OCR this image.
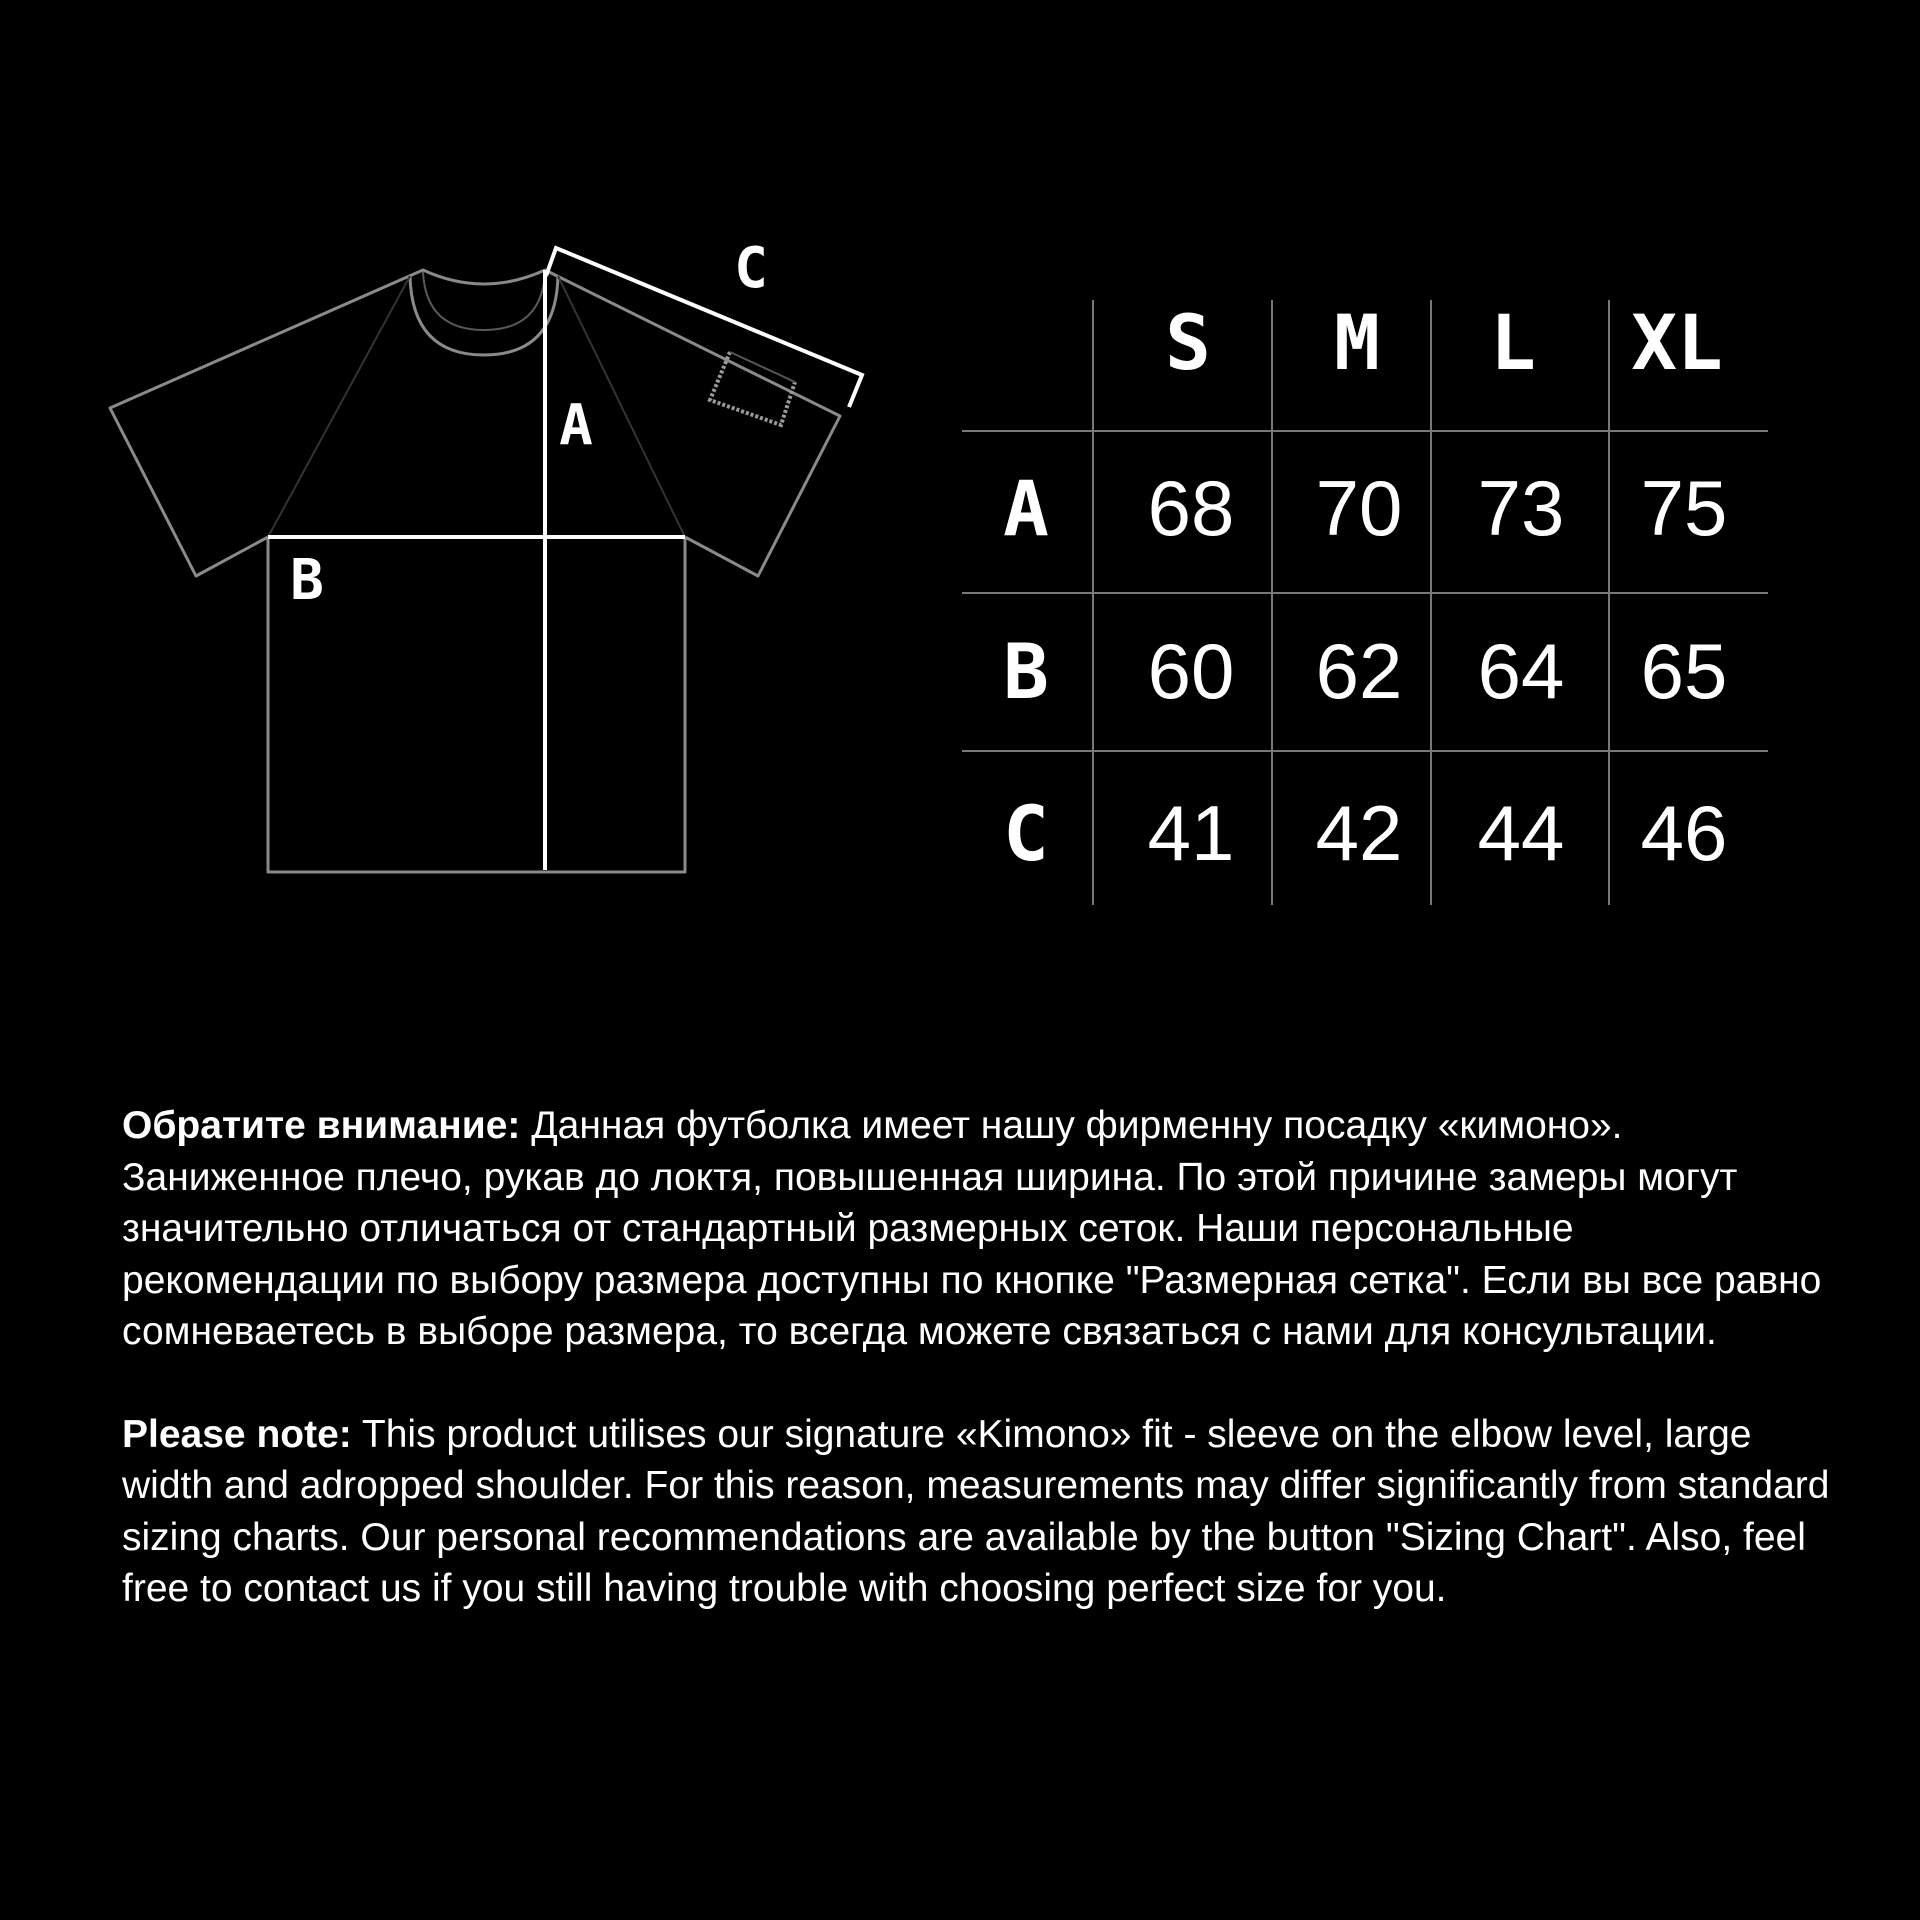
A
B
C
S M L XL
A 68 70 73 75
B 60 62 64 65
C 41 42 44 46

Обратите внимание: Данная футболка имеет нашу фирменну посадку «кимоно». Заниженное плечо, рукав до локтя, повышенная ширина. По этой причине замеры могут значительно отличаться от стандартный размерных сеток. Наши персональные рекомендации по выбору размера доступны по кнопке "Размерная сетка". Если вы все равно сомневаетесь в выборе размера, то всегда можете связаться с нами для консультации.

Please note: This product utilises our signature «Kimono» fit - sleeve on the elbow level, large width and adropped shoulder. For this reason, measurements may differ significantly from standard sizing charts. Our personal recommendations are available by the button "Sizing Chart". Also, feel free to contact us if you still having trouble with choosing perfect size for you.
